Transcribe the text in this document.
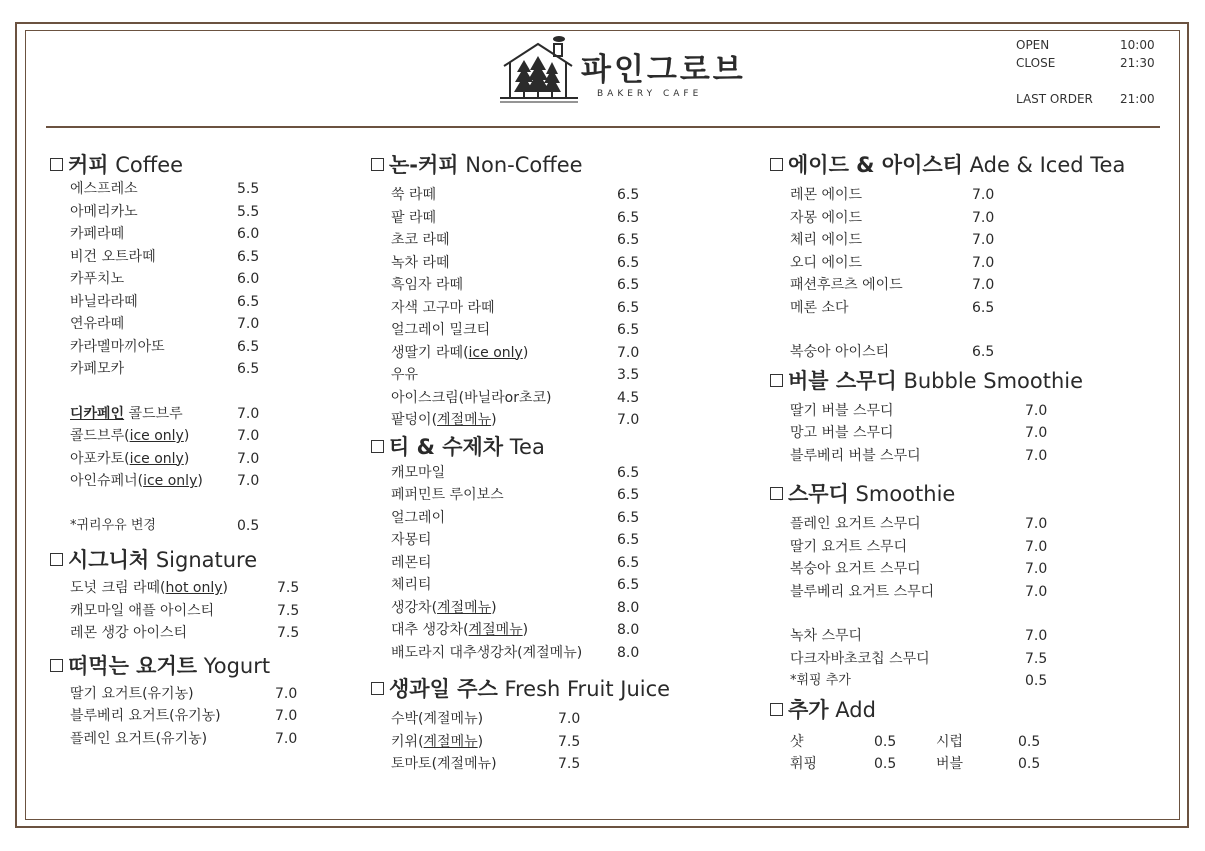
파인그로브
BAKERY CAFE
OPEN	10:00
CLOSE	21:30
LAST ORDER 21:00
커피 Coffee
에스프레소	5.5
아메리카노	5.5
카페라떼	6.0
비건 오트라떼	6.5
카푸치노	6.0
바닐라라떼	6.5
연유라떼	7.0
카라멜마끼아또	6.5
카페모카	6.5
디카페인 콜드브루	7.0
콜드브루(ice only)	7.0
아포카토(ice only)	7.0
아인슈페너(ice only) 7.0
*귀리우유 변경	0.5
시그니처 Signature
도넛 크림 라떼(hot only)	7.5
캐모마일 애플 아이스티	7.5
레몬 생강 아이스티	7.5
떠먹는 요거트 Yogurt
딸기 요거트(유기농)	7.0
블루베리 요거트(유기농)	7.0
플레인 요거트(유기농)	7.0
논-커피 Non-Coffee
쑥 라떼	6.5
팥 라떼	6.5
초코 라떼	6.5
녹차 라떼	6.5
흑임자 라떼	6.5
자색 고구마 라떼	6.5
얼그레이 밀크티	6.5
생딸기 라떼(ice only)	7.0
우유	3.5
아이스크림(바닐라or초코)	4.5
팥덩이(계절메뉴)	7.0
티 & 수제차 Tea
캐모마일	6.5
페퍼민트 루이보스	6.5
얼그레이	6.5
자몽티	6.5
레몬티	6.5
체리티	6.5
생강차(계절메뉴)	8.0
대추 생강차(계절메뉴)	8.0
배도라지 대추생강차(계절메뉴) 8.0
생과일 주스 Fresh Fruit Juice
수박(계절메뉴)	7.0
키위(계절메뉴)	7.5
토마토(계절메뉴)	7.5
에이드 & 아이스티 Ade & Iced Tea
레몬 에이드	7.0
자몽 에이드	7.0
체리 에이드	7.0
오디 에이드	7.0
패션후르츠 에이드	7.0
메론 소다	6.5
복숭아 아이스티	6.5
버블 스무디 Bubble Smoothie
딸기 버블 스무디	7.0
망고 버블 스무디	7.0
블루베리 버블 스무디	7.0
스무디 Smoothie
플레인 요거트 스무디	7.0
딸기 요거트 스무디	7.0
복숭아 요거트 스무디	7.0
블루베리 요거트 스무디	7.0
녹차 스무디	7.0
다크자바초코칩 스무디	7.5
*휘핑 추가	0.5
추가 Add
샷	0.5	시럽	0.5
휘핑	0.5	버블	0.5
